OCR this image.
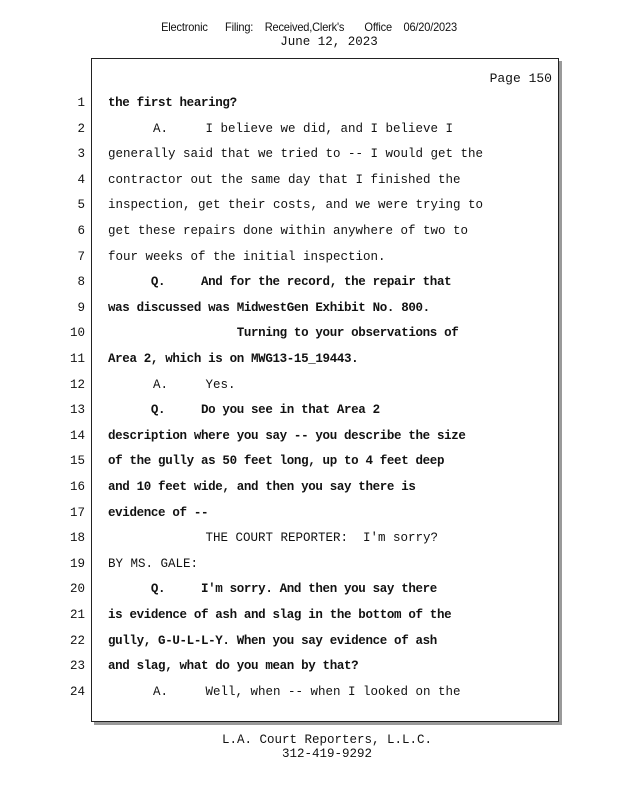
Electronic      Filing:    Received,Clerk's       Office    06/20/2023
June 12, 2023
Page 150
1 the first hearing?
2 A.     I believe we did, and I believe I
3 generally said that we tried to -- I would get the
4 contractor out the same day that I finished the
5 inspection, get their costs, and we were trying to
6 get these repairs done within anywhere of two to
7 four weeks of the initial inspection.
8 Q.     And for the record, the repair that
9 was discussed was MidwestGen Exhibit No. 800.
10 Turning to your observations of
11 Area 2, which is on MWG13-15_19443.
12 A.     Yes.
13 Q.     Do you see in that Area 2
14 description where you say -- you describe the size
15 of the gully as 50 feet long, up to 4 feet deep
16 and 10 feet wide, and then you say there is
17 evidence of --
18 THE COURT REPORTER:  I'm sorry?
19 BY MS. GALE:
20 Q.     I'm sorry. And then you say there
21 is evidence of ash and slag in the bottom of the
22 gully, G-U-L-L-Y. When you say evidence of ash
23 and slag, what do you mean by that?
24 A.     Well, when -- when I looked on the
L.A. Court Reporters, L.L.C.
312-419-9292
